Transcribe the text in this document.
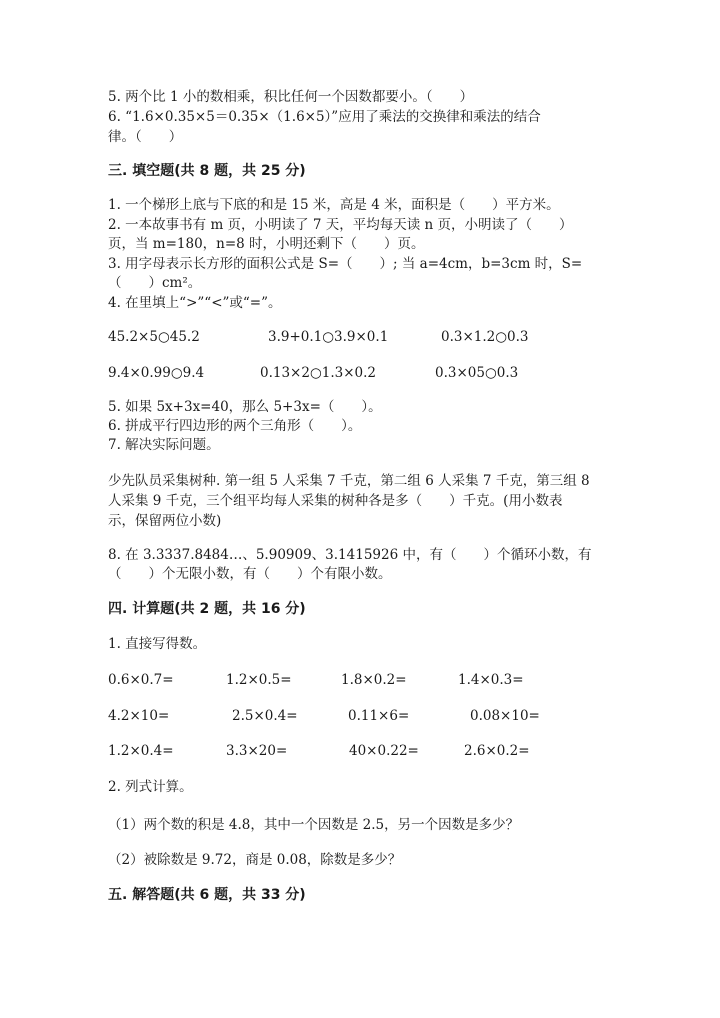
5. 两个比 1 小的数相乘，积比任何一个因数都要小。（　　）
6. “1.6×0.35×5＝0.35×（1.6×5）”应用了乘法的交换律和乘法的结合
律。（　　）
三. 填空题(共 8 题，共 25 分)
1. 一个梯形上底与下底的和是 15 米，高是 4 米，面积是（　　）平方米。
2. 一本故事书有 m 页，小明读了 7 天，平均每天读 n 页，小明读了（　　）
页，当 m=180，n=8 时，小明还剩下（　　）页。
3. 用字母表示长方形的面积公式是 S=（　　）; 当 a=4cm，b=3cm 时，S=
（　　）cm²。
4. 在里填上“>”“<”或“=”。
45.2×5○45.2	3.9+0.1○3.9×0.1	0.3×1.2○0.3
9.4×0.99○9.4	0.13×2○1.3×0.2	0.3×05○0.3
5. 如果 5x+3x=40，那么 5+3x=（　　）。
6. 拼成平行四边形的两个三角形（　　）。
7. 解决实际问题。
少先队员采集树种. 第一组 5 人采集 7 千克，第二组 6 人采集 7 千克，第三组 8
人采集 9 千克，三个组平均每人采集的树种各是多（　　）千克。(用小数表
示，保留两位小数)
8. 在 3.3337.8484…、5.90909、3.1415926 中，有（　　）个循环小数，有
（　　）个无限小数，有（　　）个有限小数。
四. 计算题(共 2 题，共 16 分)
1. 直接写得数。
0.6×0.7=	1.2×0.5=	1.8×0.2=	1.4×0.3=
4.2×10=	2.5×0.4=	0.11×6=	0.08×10=
1.2×0.4=	3.3×20=	40×0.22=	2.6×0.2=
2. 列式计算。
（1）两个数的积是 4.8，其中一个因数是 2.5，另一个因数是多少？
（2）被除数是 9.72，商是 0.08，除数是多少？
五. 解答题(共 6 题，共 33 分)
